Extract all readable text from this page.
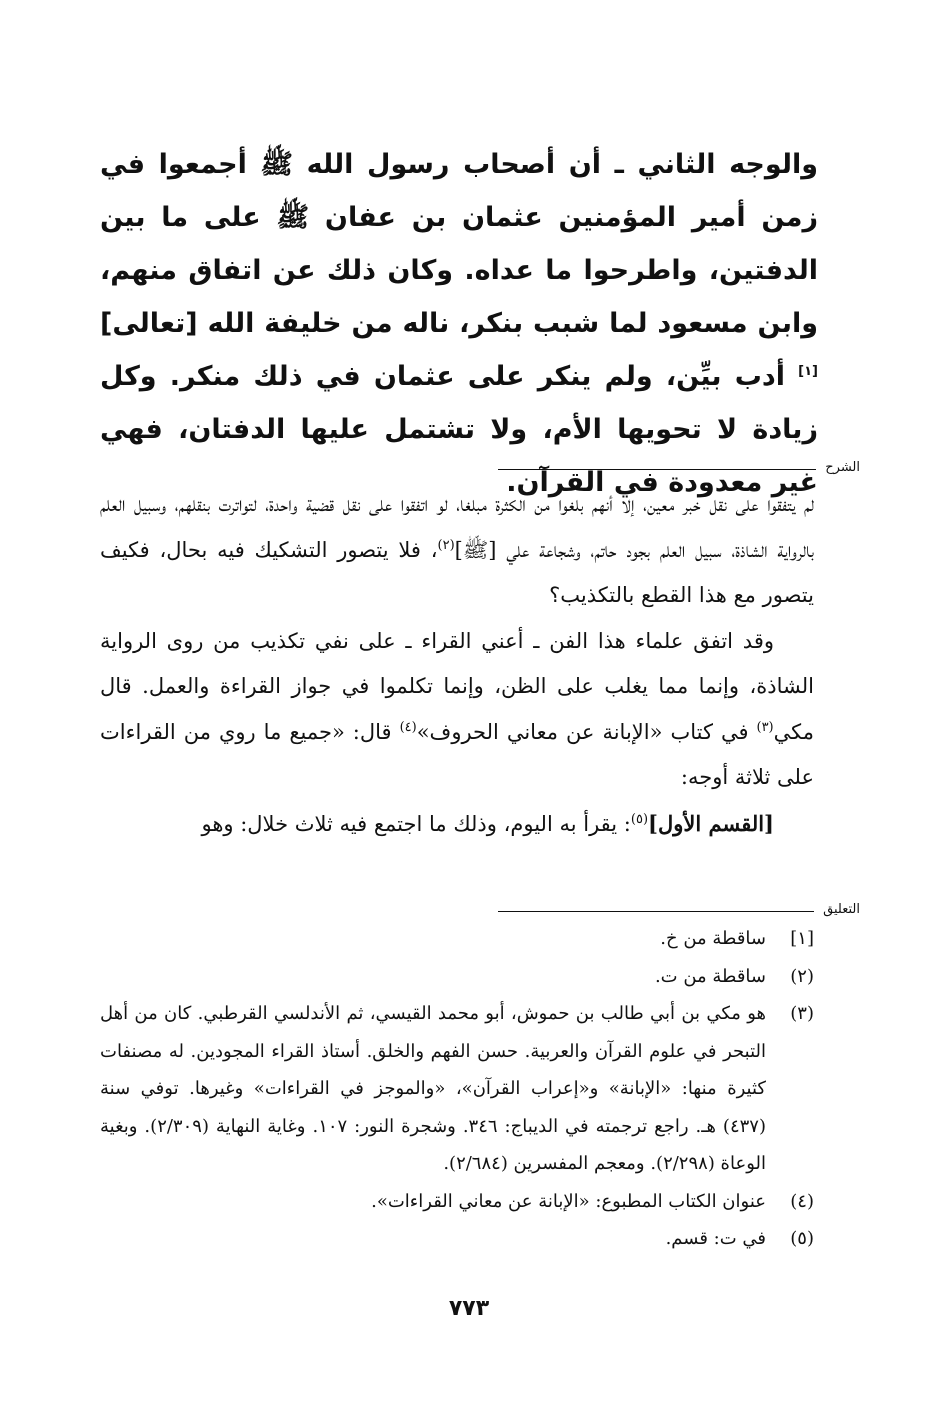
والوجه الثاني ـ أن أصحاب رسول الله ﷺ أجمعوا في زمن أمير المؤمنين عثمان بن عفان ﷺ على ما بين الدفتين، واطرحوا ما عداه. وكان ذلك عن اتفاق منهم، وابن مسعود لما شبب بنكر، ناله من خليفة الله [تعالى][١] أدب بيِّن، ولم ينكر على عثمان في ذلك منكر. وكل زيادة لا تحويها الأم، ولا تشتمل عليها الدفتان، فهي غير معدودة في القرآن. الشرح

لم يتفقوا على نقل خبر معين، إلا أنهم بلغوا من الكثرة مبلغا، لو اتفقوا على نقل قضية واحدة، لتواترت بنقلهم، وسبيل العلم بالرواية الشاذة، سبيل العلم بجود حاتم، وشجاعة علي [ﷺ]$^{(٢)}$، فلا يتصور التشكيك فيه بحال، فكيف يتصور مع هذا القطع بالتكذيب؟

وقد اتفق علماء هذا الفن ـ أعني القراء ـ على نفي تكذيب من روى الرواية الشاذة، وإنما مما يغلب على الظن، وإنما تكلموا في جواز القراءة والعمل. قال مكي$^{(٣)}$ في كتاب «الإبانة عن معاني الحروف»$^{(٤)}$ قال: «جميع ما روي من القراءات على ثلاثة أوجه:

[القسم الأول]$^{(٥)}$: يقرأ به اليوم، وذلك ما اجتمع فيه ثلاث خلال: وهو

التعليق
[١]
ساقطة من خ.
(٢)
ساقطة من ت.
(٣)
هو مكي بن أبي طالب بن حموش، أبو محمد القيسي، ثم الأندلسي القرطبي. كان من أهل التبحر في علوم القرآن والعربية. حسن الفهم والخلق. أستاذ القراء المجودين. له مصنفات كثيرة منها: «الإبانة» و«إعراب القرآن»، «والموجز في القراءات» وغيرها. توفي سنة (٤٣٧) هـ. راجع ترجمته في الديباج: ٣٤٦. وشجرة النور: ١٠٧. وغاية النهاية (٢/٣٠٩). وبغية الوعاة (٢/٢٩٨). ومعجم المفسرين (٢/٦٨٤).
(٤)
عنوان الكتاب المطبوع: «الإبانة عن معاني القراءات».
(٥)
في ت: قسم.
٧٧٣
